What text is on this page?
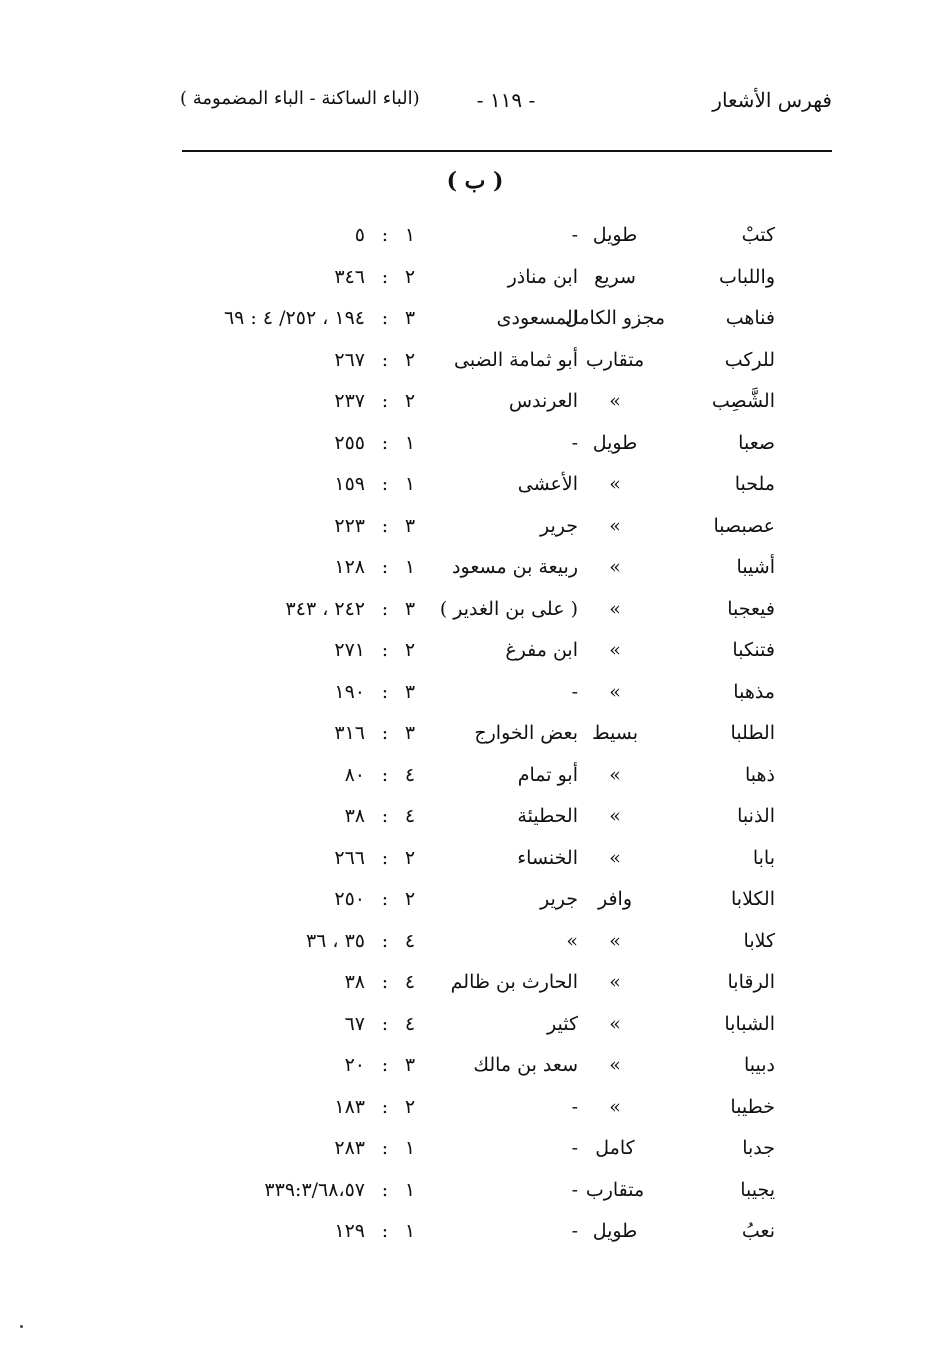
فهرس الأشعار
- ١١٩ -
(الباء الساكنة - الباء المضمومة )
( ب )
كتبْ
طويل
-
١
:
٥
واللباب
سريع
ابن مناذر
٢
:
٣٤٦
فناهب
مجزو الكامل
المسعودى
٣
:
١٩٤ ، ٢٥٢/ ٤ : ٦٩
للركب
متقارب
أبو ثمامة الضبى
٢
:
٢٦٧
الشَّصِب
»
العرندس
٢
:
٢٣٧
صعبا
طويل
-
١
:
٢٥٥
ملحبا
»
الأعشى
١
:
١٥٩
عصبصبا
»
جرير
٣
:
٢٢٣
أشيبا
»
ربيعة بن مسعود
١
:
١٢٨
فيعجبا
»
( على بن الغدير )
٣
:
٢٤٢ ، ٣٤٣
فتنكبا
»
ابن مفرغ
٢
:
٢٧١
مذهبا
»
-
٣
:
١٩٠
الطلبا
بسيط
بعض الخوارج
٣
:
٣١٦
ذهبا
»
أبو تمام
٤
:
٨٠
الذنبا
»
الحطيئة
٤
:
٣٨
بابا
»
الخنساء
٢
:
٢٦٦
الكلابا
وافر
جرير
٢
:
٢٥٠
كلابا
»
»
٤
:
٣٥ ، ٣٦
الرقابا
»
الحارث بن ظالم
٤
:
٣٨
الشبابا
»
كثير
٤
:
٦٧
دبيبا
»
سعد بن مالك
٣
:
٢٠
خطيبا
»
-
٢
:
١٨٣
جدبا
كامل
-
١
:
٢٨٣
يجيبا
متقارب
-
١
:
٣٣٩:٣/٦٨،٥٧
نعبُ
طويل
-
١
:
١٢٩
